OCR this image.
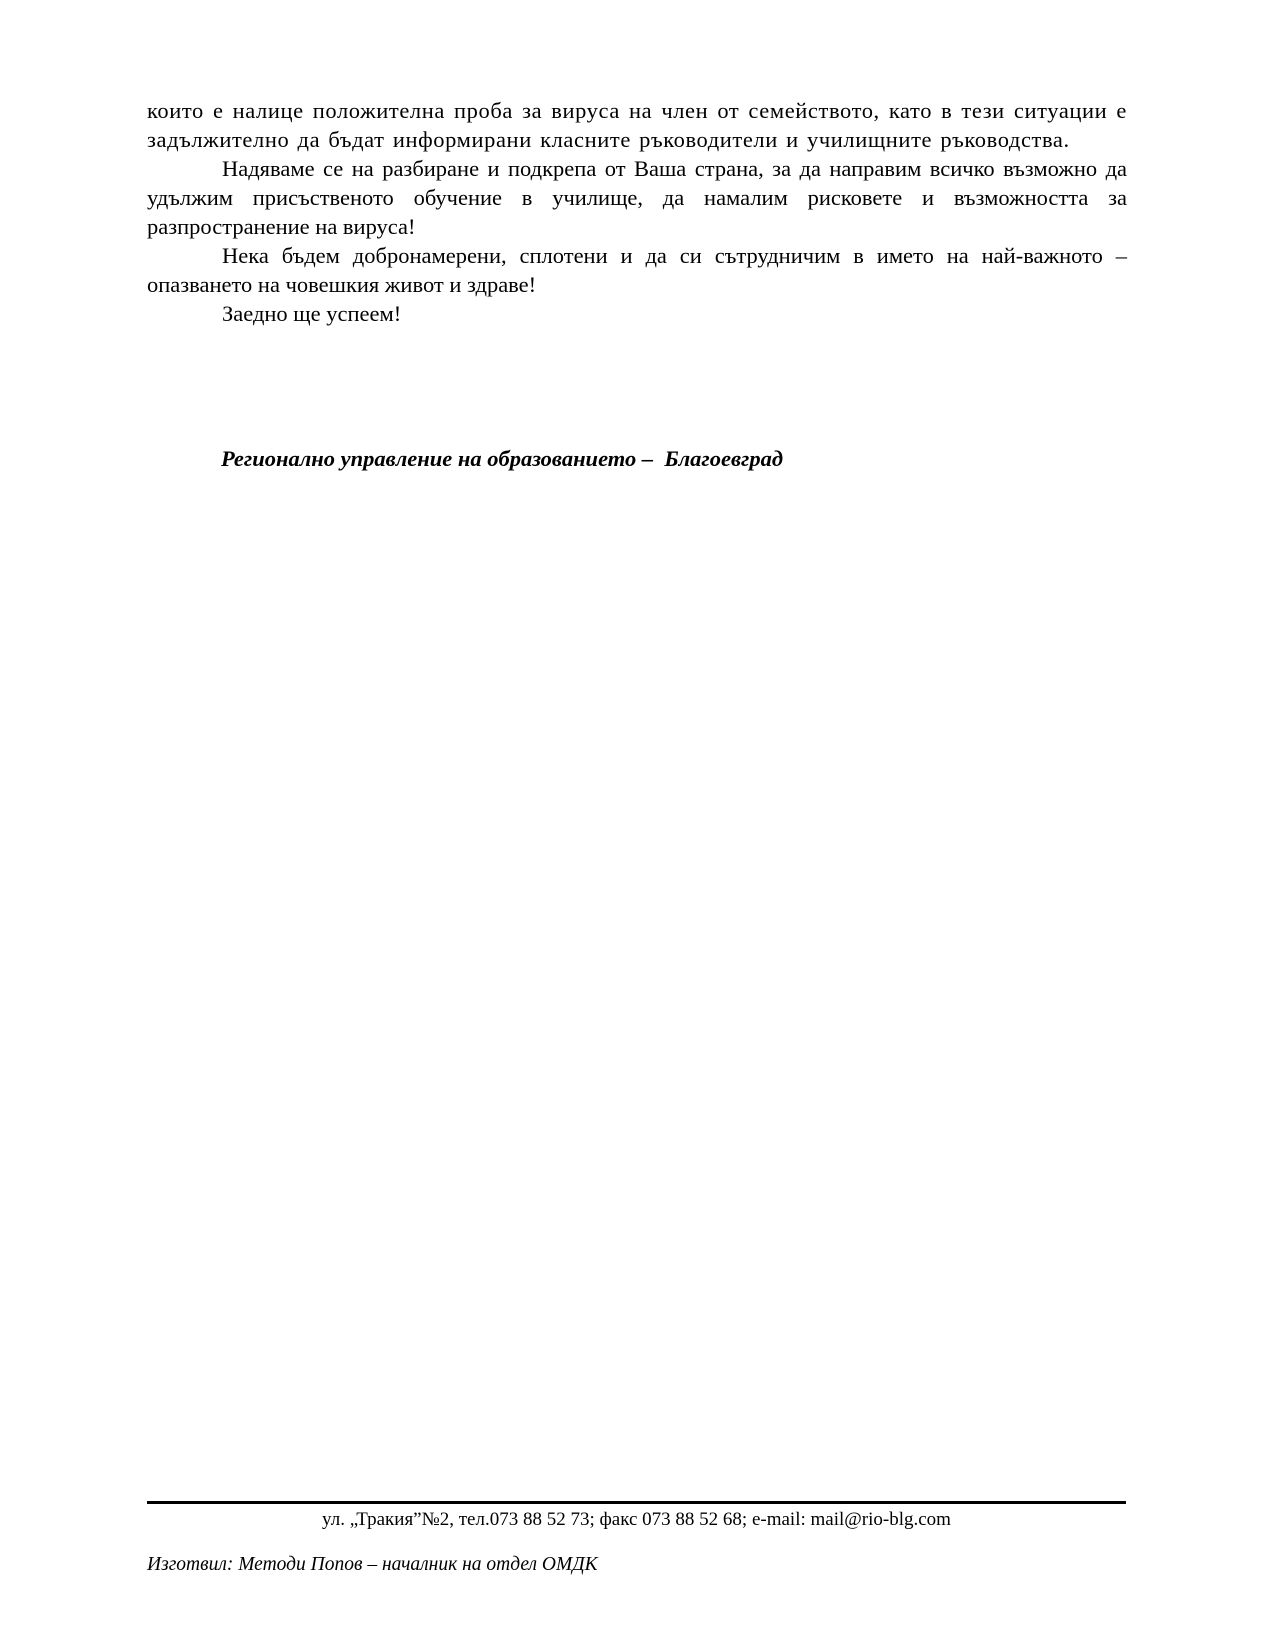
които е налице положителна проба за вируса на член от семейството, като в тези ситуации е задължително да бъдат информирани класните ръководители и училищните ръководства.

Надяваме се на разбиране и подкрепа от Ваша страна, за да направим всичко възможно да удължим присъственото обучение в училище, да намалим рисковете и възможността за разпространение на вируса!

Нека бъдем добронамерени, сплотени и да си сътрудничим в името на най-важното – опазването на човешкия живот и здраве!

Заедно ще успеем!

Регионално управление на образованието –  Благоевград
ул. „Тракия”№2, тел.073 88 52 73; факс 073 88 52 68; e-mail: mail@rio-blg.com
Изготвил: Методи Попов – началник на отдел ОМДК
